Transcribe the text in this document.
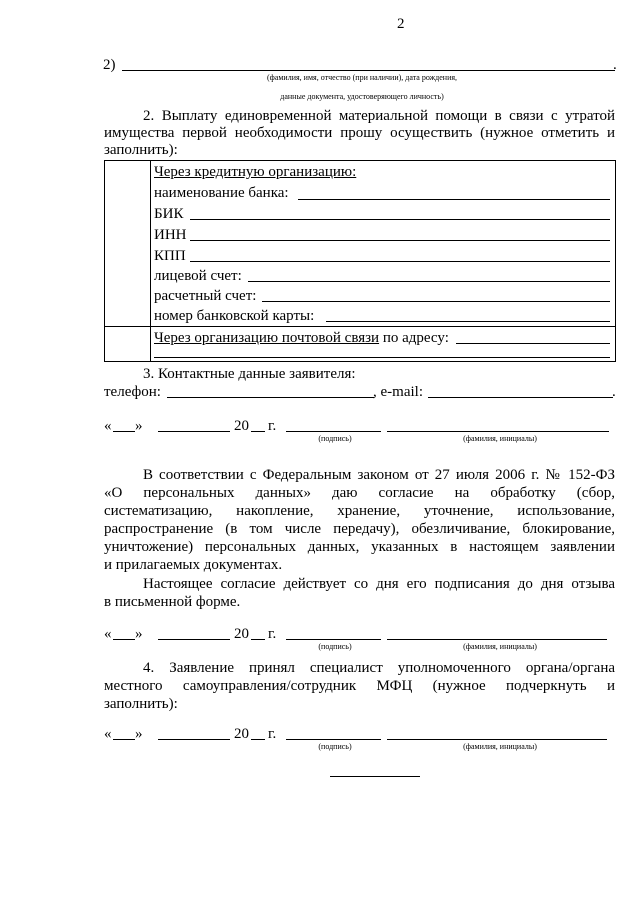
2
2)	.
(фамилия, имя, отчество (при наличии), дата рождения,
данные документа, удостоверяющего личность)
2. Выплату единовременной материальной помощи в связи с утратой
имущества первой необходимости прошу осуществить (нужное отметить и
заполнить):
Через кредитную организацию:
наименование банка:
БИК
ИНН
КПП
лицевой счет:
расчетный счет:
номер банковской карты:
Через организацию почтовой связи по адресу:
3. Контактные данные заявителя:
телефон:	, e-mail:	.
« »	20 г.
(подпись)	(фамилия, инициалы)
В соответствии с Федеральным законом от 27 июля 2006 г. № 152-ФЗ
«О персональных данных» даю согласие на обработку (сбор,
систематизацию, накопление, хранение, уточнение, использование,
распространение (в том числе передачу), обезличивание, блокирование,
уничтожение) персональных данных, указанных в настоящем заявлении
и прилагаемых документах.
Настоящее согласие действует со дня его подписания до дня отзыва
в письменной форме.
« »	20 г.
(подпись)	(фамилия, инициалы)
4. Заявление принял специалист уполномоченного органа/органа
местного самоуправления/сотрудник МФЦ (нужное подчеркнуть и
заполнить):
« »	20 г.
(подпись)	(фамилия, инициалы)
